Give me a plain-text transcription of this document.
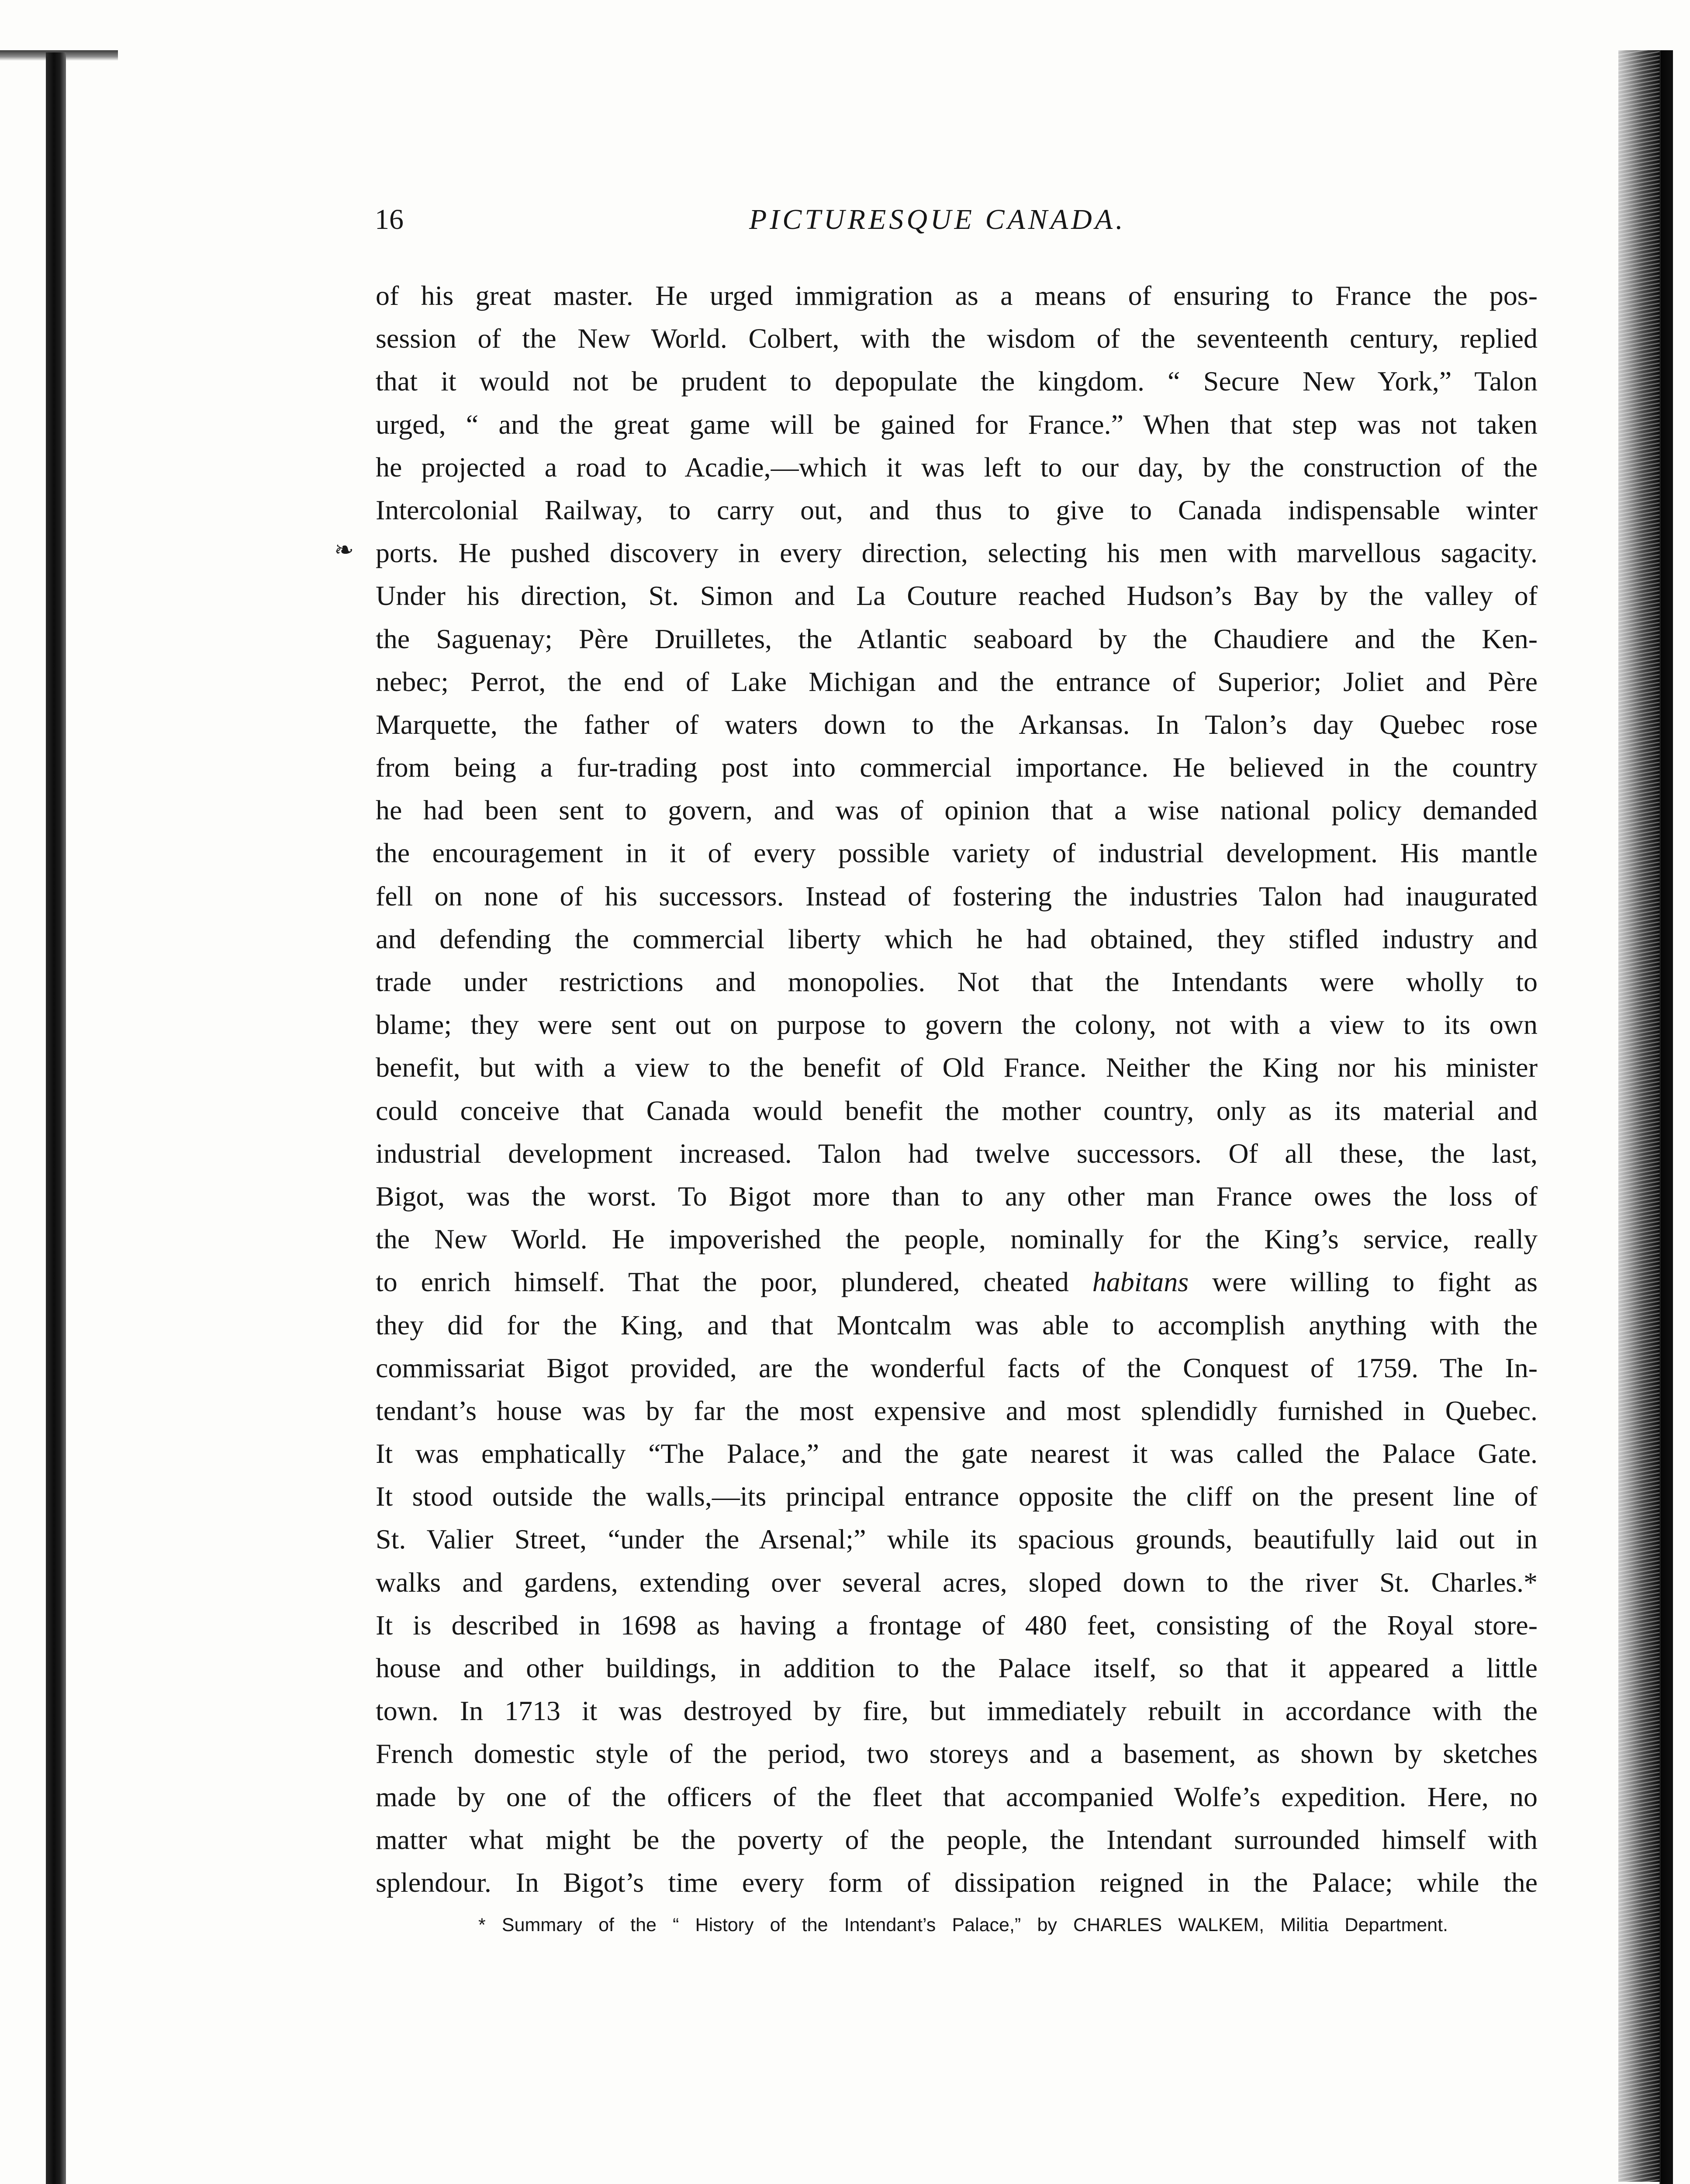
16	PICTURESQUE CANADA.
❧
of his great master. He urged immigration as a means of ensuring to France the pos-
session of the New World. Colbert, with the wisdom of the seventeenth century, replied
that it would not be prudent to depopulate the kingdom. “ Secure New York,” Talon
urged, “ and the great game will be gained for France.” When that step was not taken
he projected a road to Acadie,—which it was left to our day, by the construction of the
Intercolonial Railway, to carry out, and thus to give to Canada indispensable winter
ports. He pushed discovery in every direction, selecting his men with marvellous sagacity.
Under his direction, St. Simon and La Couture reached Hudson’s Bay by the valley of
the Saguenay; Père Druilletes, the Atlantic seaboard by the Chaudiere and the Ken-
nebec; Perrot, the end of Lake Michigan and the entrance of Superior; Joliet and Père
Marquette, the father of waters down to the Arkansas. In Talon’s day Quebec rose
from being a fur-trading post into commercial importance. He believed in the country
he had been sent to govern, and was of opinion that a wise national policy demanded
the encouragement in it of every possible variety of industrial development. His mantle
fell on none of his successors. Instead of fostering the industries Talon had inaugurated
and defending the commercial liberty which he had obtained, they stifled industry and
trade under restrictions and monopolies. Not that the Intendants were wholly to
blame; they were sent out on purpose to govern the colony, not with a view to its own
benefit, but with a view to the benefit of Old France. Neither the King nor his minister
could conceive that Canada would benefit the mother country, only as its material and
industrial development increased. Talon had twelve successors. Of all these, the last,
Bigot, was the worst. To Bigot more than to any other man France owes the loss of
the New World. He impoverished the people, nominally for the King’s service, really
to enrich himself. That the poor, plundered, cheated habitans were willing to fight as
they did for the King, and that Montcalm was able to accomplish anything with the
commissariat Bigot provided, are the wonderful facts of the Conquest of 1759. The In-
tendant’s house was by far the most expensive and most splendidly furnished in Quebec.
It was emphatically “The Palace,” and the gate nearest it was called the Palace Gate.
It stood outside the walls,—its principal entrance opposite the cliff on the present line of
St. Valier Street, “under the Arsenal;” while its spacious grounds, beautifully laid out in
walks and gardens, extending over several acres, sloped down to the river St. Charles.*
It is described in 1698 as having a frontage of 480 feet, consisting of the Royal store-
house and other buildings, in addition to the Palace itself, so that it appeared a little
town. In 1713 it was destroyed by fire, but immediately rebuilt in accordance with the
French domestic style of the period, two storeys and a basement, as shown by sketches
made by one of the officers of the fleet that accompanied Wolfe’s expedition. Here, no
matter what might be the poverty of the people, the Intendant surrounded himself with
splendour. In Bigot’s time every form of dissipation reigned in the Palace; while the
* Summary of the “ History of the Intendant’s Palace,” by CHARLES WALKEM, Militia Department.
